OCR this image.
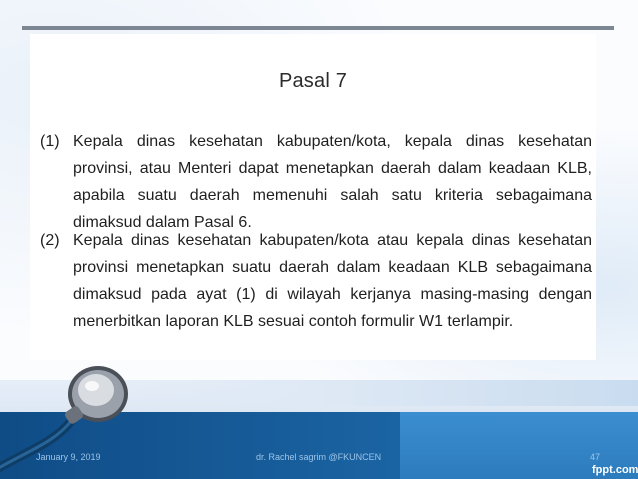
Pasal 7
(1) Kepala dinas kesehatan kabupaten/kota, kepala dinas kesehatan provinsi, atau Menteri dapat menetapkan daerah dalam keadaan KLB, apabila suatu daerah memenuhi salah satu kriteria sebagaimana dimaksud dalam Pasal 6.
(2) Kepala dinas kesehatan kabupaten/kota atau kepala dinas kesehatan provinsi menetapkan suatu daerah dalam keadaan KLB sebagaimana dimaksud pada ayat (1) di wilayah kerjanya masing-masing dengan menerbitkan laporan KLB sesuai contoh formulir W1 terlampir.
January 9, 2019	dr. Rachel sagrim @FKUNCEN	47
fppt.com
